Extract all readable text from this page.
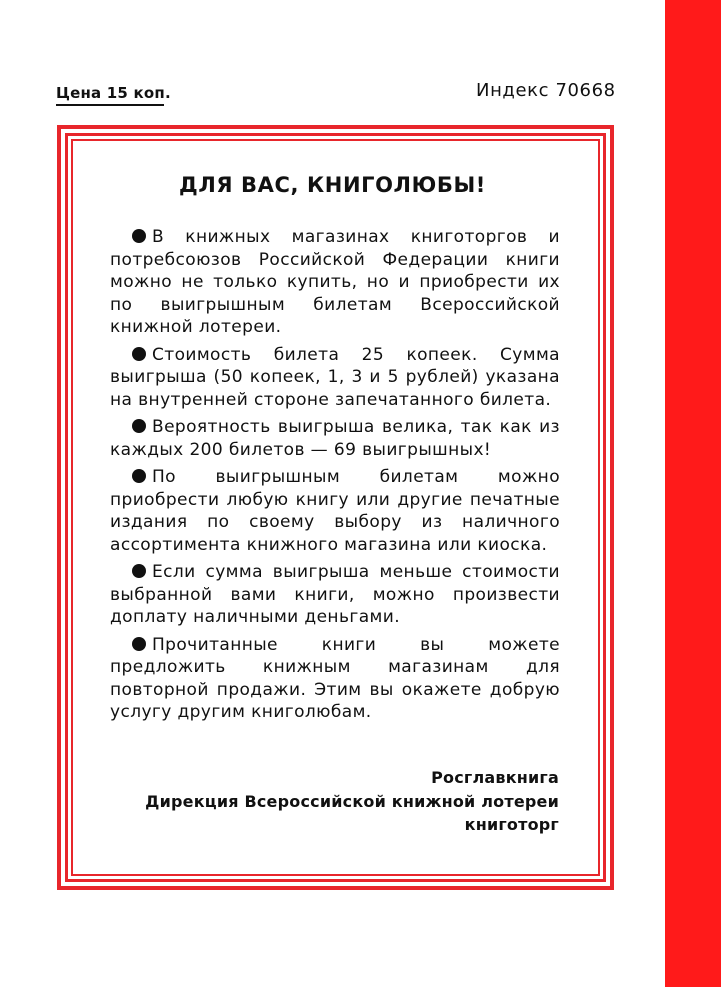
Цена 15 коп.	Индекс 70668
ДЛЯ ВАС, КНИГОЛЮБЫ!

В книжных магазинах книготоргов и потребсоюзов Российской Федерации книги можно не только купить, но и приобрести их по выигрышным билетам Всероссийской книжной лотереи.

Стоимость билета 25 копеек. Сумма выигрыша (50 копеек, 1, 3 и 5 рублей) указана на внутренней стороне запечатанного билета.

Вероятность выигрыша велика, так как из каждых 200 билетов — 69 выигрышных!

По выигрышным билетам можно приобрести любую книгу или другие печатные издания по своему выбору из наличного ассортимента книжного магазина или киоска.

Если сумма выигрыша меньше стоимости выбранной вами книги, можно произвести доплату наличными деньгами.

Прочитанные книги вы можете предложить книжным магазинам для повторной продажи. Этим вы окажете добрую услугу другим книголюбам.

Росглавкнига
Дирекция Всероссийской книжной лотереи
книготорг
